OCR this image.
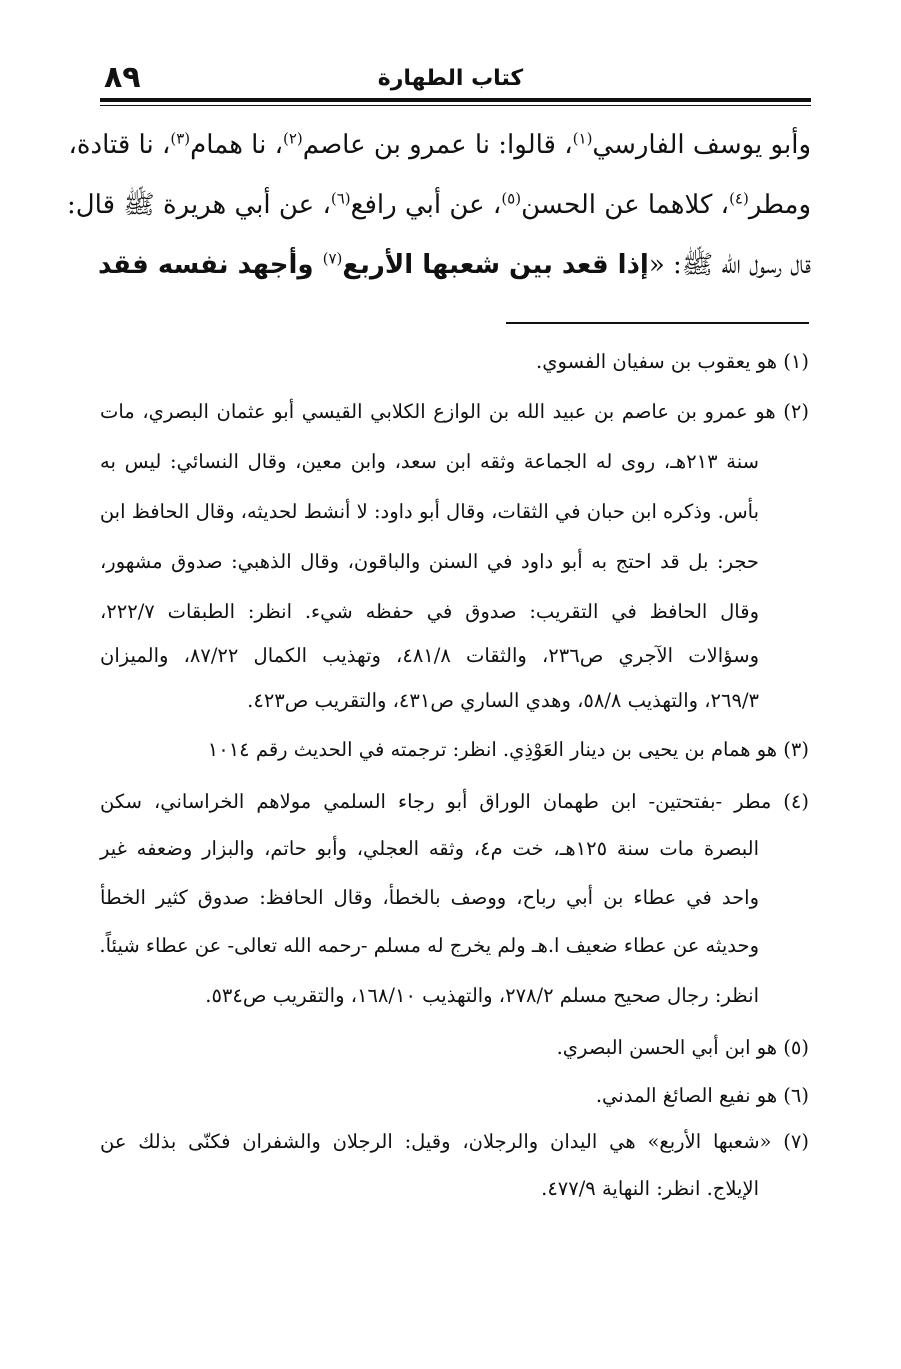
كتاب الطهارة
٨٩
وأبو يوسف الفارسي$^{(١)}$، قالوا: نا عمرو بن عاصم$^{(٢)}$، نا همام$^{(٣)}$، نا قتادة،
ومطر$^{(٤)}$، كلاهما عن الحسن$^{(٥)}$، عن أبي رافع$^{(٦)}$، عن أبي هريرة ﷺ قال:
قال رسول الله ﷺ: «إذا قعد بين شعبها الأربع$^{(٧)}$ وأجهد نفسه فقد
(١) هو يعقوب بن سفيان الفسوي.
(٢) هو عمرو بن عاصم بن عبيد الله بن الوازع الكلابي القيسي أبو عثمان البصري، مات
سنة ٢١٣هـ، روى له الجماعة وثقه ابن سعد، وابن معين، وقال النسائي: ليس به
بأس. وذكره ابن حبان في الثقات، وقال أبو داود: لا أنشط لحديثه، وقال الحافظ ابن
حجر: بل قد احتج به أبو داود في السنن والباقون، وقال الذهبي: صدوق مشهور،
وقال الحافظ في التقريب: صدوق في حفظه شيء. انظر: الطبقات ٢٢٢/٧،
وسؤالات الآجري ص٢٣٦، والثقات ٤٨١/٨، وتهذيب الكمال ٨٧/٢٢، والميزان
٢٦٩/٣، والتهذيب ٥٨/٨، وهدي الساري ص٤٣١، والتقريب ص٤٢٣.
(٣) هو همام بن يحيى بن دينار العَوْذِي. انظر: ترجمته في الحديث رقم ١٠١٤
(٤) مطر -بفتحتين- ابن طهمان الوراق أبو رجاء السلمي مولاهم الخراساني، سكن
البصرة مات سنة ١٢٥هـ، خت م٤، وثقه العجلي، وأبو حاتم، والبزار وضعفه غير
واحد في عطاء بن أبي رباح، ووصف بالخطأ، وقال الحافظ: صدوق كثير الخطأ
وحديثه عن عطاء ضعيف ا.هـ ولم يخرج له مسلم -رحمه الله تعالى- عن عطاء شيئاً.
انظر: رجال صحيح مسلم ٢٧٨/٢، والتهذيب ١٦٨/١٠، والتقريب ص٥٣٤.
(٥) هو ابن أبي الحسن البصري.
(٦) هو نفيع الصائغ المدني.
(٧) «شعبها الأربع» هي اليدان والرجلان، وقيل: الرجلان والشفران فكنّى بذلك عن
الإيلاج. انظر: النهاية ٤٧٧/٩.
